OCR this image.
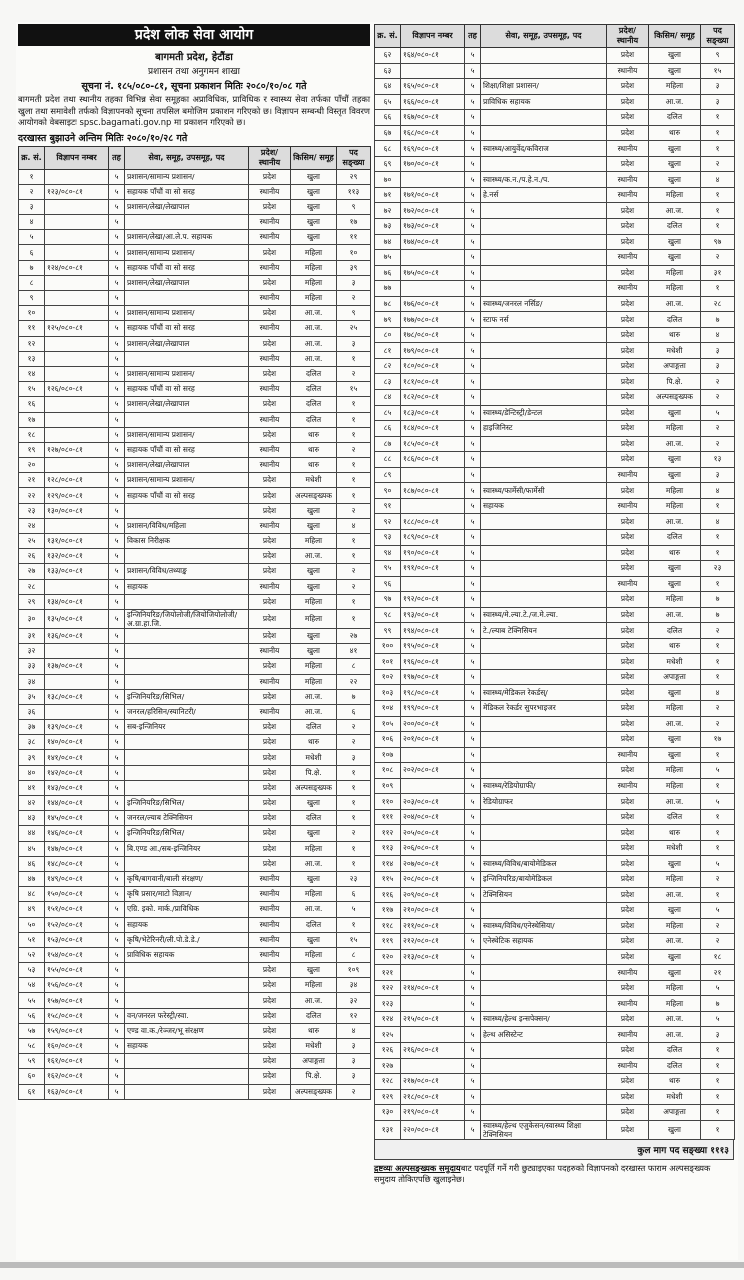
प्रदेश लोक सेवा आयोग
बागमती प्रदेश, हेटौंडा
प्रशासन तथा अनुगमन शाखा
सूचना नं. १८५/०८०-८१, सूचना प्रकाशन मितिः २०८०/१०/०८ गते
बागमती प्रदेश तथा स्थानीय तहका विभिन्न सेवा समूहका अप्राविधिक, प्राविधिक र स्वास्थ्य सेवा तर्फका पाँचौं तहका खुला तथा समावेशी तर्फको विज्ञापनको सूचना तपसिल बमोजिम प्रकाशन गरिएको छ। विज्ञापन सम्बन्धी विस्तृत विवरण आयोगको वेबसाइटः spsc.bagamati.gov.np मा प्रकाशन गरिएको छ।
दरखास्त बुझाउने अन्तिम मितिः २०८०/१०/२८ गते
क्र. सं.	विज्ञापन नम्बर	तह	सेवा, समूह, उपसमूह, पद	प्रदेश/ स्थानीय	किसिम/ समूह	पद सङ्ख्या
१		५	प्रशासन/सामान्य प्रशासन/	प्रदेश	खुला	२९
२	१२३/०८०-८१	५	सहायक पाँचौं वा सो सरह	स्थानीय	खुला	११३
३		५	प्रशासन/लेखा/लेखापाल	प्रदेश	खुला	९
४		५		स्थानीय	खुला	१७
५		५	प्रशासन/लेखा/आ.ले.प. सहायक	स्थानीय	खुला	११
६		५	प्रशासन/सामान्य प्रशासन/	प्रदेश	महिला	१०
७	१२४/०८०-८१	५	सहायक पाँचौं वा सो सरह	स्थानीय	महिला	३९
८		५	प्रशासन/लेखा/लेखापाल	प्रदेश	महिला	३
९		५		स्थानीय	महिला	२
१०		५	प्रशासन/सामान्य प्रशासन/	प्रदेश	आ.ज.	९
११	१२५/०८०-८१	५	सहायक पाँचौं वा सो सरह	स्थानीय	आ.ज.	२५
१२		५	प्रशासन/लेखा/लेखापाल	प्रदेश	आ.ज.	३
१३		५		स्थानीय	आ.ज.	१
१४		५	प्रशासन/सामान्य प्रशासन/	प्रदेश	दलित	२
१५	१२६/०८०-८१	५	सहायक पाँचौं वा सो सरह	स्थानीय	दलित	१५
१६		५	प्रशासन/लेखा/लेखापाल	प्रदेश	दलित	१
१७		५		स्थानीय	दलित	१
१८		५	प्रशासन/सामान्य प्रशासन/	प्रदेश	थारु	१
१९	१२७/०८०-८१	५	सहायक पाँचौं वा सो सरह	स्थानीय	थारु	२
२०		५	प्रशासन/लेखा/लेखापाल	स्थानीय	थारु	१
२१	१२८/०८०-८१	५	प्रशासन/सामान्य प्रशासन/	प्रदेश	मधेशी	१
२२	१२९/०८०-८१	५	सहायक पाँचौं वा सो सरह	प्रदेश	अल्पसङ्ख्यक	१
२३	१३०/०८०-८१	५		प्रदेश	खुला	२
२४		५	प्रशासन/विविध/महिला	स्थानीय	खुला	४
२५	१३१/०८०-८१	५	विकास निरीक्षक	प्रदेश	महिला	१
२६	१३२/०८०-८१	५		प्रदेश	आ.ज.	१
२७	१३३/०८०-८१	५	प्रशासन/विविध/तथ्याङ्क	प्रदेश	खुला	२
२८		५	सहायक	स्थानीय	खुला	२
२९	१३४/०८०-८१	५		प्रदेश	महिला	१
३०	१३५/०८०-८१	५	इन्जिनियरिङ/जियोलोजी/जियोजियोलोजी/अ.ग्रा.हा.जि.	प्रदेश	महिला	१
३१	१३६/०८०-८१	५		प्रदेश	खुला	२७
३२		५		स्थानीय	खुला	४१
३३	१३७/०८०-८१	५		प्रदेश	महिला	८
३४		५		स्थानीय	महिला	२२
३५	१३८/०८०-८१	५	इन्जिनियरिङ/सिभिल/	प्रदेश	आ.ज.	७
३६		५	जनरल/हरिसिन/स्यानिटरी/	स्थानीय	आ.ज.	६
३७	१३९/०८०-८१	५	सब-इन्जिनियर	प्रदेश	दलित	२
३८	१४०/०८०-८१	५		प्रदेश	थारु	२
३९	१४१/०८०-८१	५		प्रदेश	मधेशी	३
४०	१४२/०८०-८१	५		प्रदेश	पि.क्षे.	१
४१	१४३/०८०-८१	५		प्रदेश	अल्पसङ्ख्यक	१
४२	१४४/०८०-८१	५	इन्जिनियरिङ/सिभिल/	प्रदेश	खुला	१
४३	१४५/०८०-८१	५	जनरल/ल्याब टेक्निसियन	प्रदेश	दलित	१
४४	१४६/०८०-८१	५	इन्जिनियरिङ/सिभिल/	प्रदेश	खुला	२
४५	१४७/०८०-८१	५	बि.एण्ड आ./सब-इन्जिनियर	प्रदेश	महिला	१
४६	१४८/०८०-८१	५		प्रदेश	आ.ज.	१
४७	१४९/०८०-८१	५	कृषि/बागवानी/बाली संरक्षण/	स्थानीय	खुला	२३
४८	१५०/०८०-८१	५	कृषि प्रसार/माटो विज्ञान/	स्थानीय	महिला	६
४९	१५१/०८०-८१	५	एग्रि. इको. मार्क./प्राविधिक	स्थानीय	आ.ज.	५
५०	१५२/०८०-८१	५	सहायक	स्थानीय	दलित	१
५१	१५३/०८०-८१	५	कृषि/भेटेरिनरी/ली.पो.डे.डे./	स्थानीय	खुला	१५
५२	१५४/०८०-८१	५	प्राविधिक सहायक	स्थानीय	महिला	८
५३	१५५/०८०-८१	५		प्रदेश	खुला	१०९
५४	१५६/०८०-८१	५		प्रदेश	महिला	३४
५५	१५७/०८०-८१	५		प्रदेश	आ.ज.	३२
५६	१५८/०८०-८१	५	वन/जनरल फरेस्ट्री/स्वा.	प्रदेश	दलित	१२
५७	१५९/०८०-८१	५	एण्ड वा.क./रेञ्जर/भू संरक्षण	प्रदेश	थारु	४
५८	१६०/०८०-८१	५	सहायक	प्रदेश	मधेशी	३
५९	१६१/०८०-८१	५		प्रदेश	अपाङ्गता	३
६०	१६२/०८०-८१	५		प्रदेश	पि.क्षे.	३
६१	१६३/०८०-८१	५		प्रदेश	अल्पसङ्ख्यक	२
क्र. सं.	विज्ञापन नम्बर	तह	सेवा, समूह, उपसमूह, पद	प्रदेश/ स्थानीय	किसिम/ समूह	पद सङ्ख्या
६२	१६४/०८०-८१	५		प्रदेश	खुला	९
६३		५		स्थानीय	खुला	१५
६४	१६५/०८०-८१	५	शिक्षा/शिक्षा प्रशासन/	प्रदेश	महिला	३
६५	१६६/०८०-८१	५	प्राविधिक सहायक	प्रदेश	आ.ज.	३
६६	१६७/०८०-८१	५		प्रदेश	दलित	१
६७	१६८/०८०-८१	५		प्रदेश	थारु	१
६८	१६९/०८०-८१	५	स्वास्थ्य/आयुर्वेद/कविराज	स्थानीय	खुला	१
६९	१७०/०८०-८१	५		प्रदेश	खुला	२
७०		५	स्वास्थ्य/क.न./प.हे.न./प.	स्थानीय	खुला	४
७१	१७१/०८०-८१	५	हे.नर्स	स्थानीय	महिला	१
७२	१७२/०८०-८१	५		प्रदेश	आ.ज.	१
७३	१७३/०८०-८१	५		प्रदेश	दलित	१
७४	१७४/०८०-८१	५		प्रदेश	खुला	९७
७५		५		स्थानीय	खुला	२
७६	१७५/०८०-८१	५		प्रदेश	महिला	३१
७७		५		स्थानीय	महिला	१
७८	१७६/०८०-८१	५	स्वास्थ्य/जनरल नर्सिङ/	प्रदेश	आ.ज.	२८
७९	१७७/०८०-८१	५	स्टाफ नर्स	प्रदेश	दलित	७
८०	१७८/०८०-८१	५		प्रदेश	थारु	४
८१	१७९/०८०-८१	५		प्रदेश	मधेशी	३
८२	१८०/०८०-८१	५		प्रदेश	अपाङ्गता	३
८३	१८१/०८०-८१	५		प्रदेश	पि.क्षे.	२
८४	१८२/०८०-८१	५		प्रदेश	अल्पसङ्ख्यक	२
८५	१८३/०८०-८१	५	स्वास्थ्य/डेन्टिस्ट्री/डेन्टल	प्रदेश	खुला	५
८६	१८४/०८०-८१	५	हाइजिनिस्ट	प्रदेश	महिला	२
८७	१८५/०८०-८१	५		प्रदेश	आ.ज.	२
८८	१८६/०८०-८१	५		प्रदेश	खुला	१३
८९		५		स्थानीय	खुला	३
९०	१८७/०८०-८१	५	स्वास्थ्य/फार्मेसी/फार्मेसी	प्रदेश	महिला	४
९१		५	सहायक	स्थानीय	महिला	१
९२	१८८/०८०-८१	५		प्रदेश	आ.ज.	४
९३	१८९/०८०-८१	५		प्रदेश	दलित	१
९४	१९०/०८०-८१	५		प्रदेश	थारु	१
९५	१९१/०८०-८१	५		प्रदेश	खुला	२३
९६		५		स्थानीय	खुला	१
९७	१९२/०८०-८१	५		प्रदेश	महिला	७
९८	१९३/०८०-८१	५	स्वास्थ्य/मे.ल्या.टे./ज.मे.ल्या.	प्रदेश	आ.ज.	७
९९	१९४/०८०-८१	५	टे./ल्याब टेक्निसियन	प्रदेश	दलित	२
१००	१९५/०८०-८१	५		प्रदेश	थारु	१
१०१	१९६/०८०-८१	५		प्रदेश	मधेशी	१
१०२	१९७/०८०-८१	५		प्रदेश	अपाङ्गता	१
१०३	१९८/०८०-८१	५	स्वास्थ्य/मेडिकल रेकर्डस्/	प्रदेश	खुला	४
१०४	१९९/०८०-८१	५	मेडिकल रेकर्डर सुपरभाइजर	प्रदेश	महिला	२
१०५	२००/०८०-८१	५		प्रदेश	आ.ज.	२
१०६	२०१/०८०-८१	५		प्रदेश	खुला	१७
१०७		५		स्थानीय	खुला	१
१०८	२०२/०८०-८१	५		प्रदेश	महिला	५
१०९		५	स्वास्थ्य/रेडियोग्राफी/	स्थानीय	महिला	१
११०	२०३/०८०-८१	५	रेडियोग्राफर	प्रदेश	आ.ज.	५
१११	२०४/०८०-८१	५		प्रदेश	दलित	१
११२	२०५/०८०-८१	५		प्रदेश	थारु	१
११३	२०६/०८०-८१	५		प्रदेश	मधेशी	१
११४	२०७/०८०-८१	५	स्वास्थ्य/विविध/बायोमेडिकल	प्रदेश	खुला	५
११५	२०८/०८०-८१	५	इन्जिनियरिङ/बायोमेडिकल	प्रदेश	महिला	२
११६	२०९/०८०-८१	५	टेक्निसियन	प्रदेश	आ.ज.	१
११७	२१०/०८०-८१	५		प्रदेश	खुला	५
११८	२११/०८०-८१	५	स्वास्थ्य/विविध/एनेस्थेसिया/	प्रदेश	महिला	२
११९	२१२/०८०-८१	५	एनेस्थेटिक सहायक	प्रदेश	आ.ज.	२
१२०	२१३/०८०-८१	५		प्रदेश	खुला	१८
१२१		५		स्थानीय	खुला	२१
१२२	२१४/०८०-८१	५		प्रदेश	महिला	५
१२३		५		स्थानीय	महिला	७
१२४	२१५/०८०-८१	५	स्वास्थ्य/हेल्थ इन्सपेक्सन/	प्रदेश	आ.ज.	५
१२५		५	हेल्थ असिस्टेन्ट	स्थानीय	आ.ज.	३
१२६	२१६/०८०-८१	५		प्रदेश	दलित	१
१२७		५		स्थानीय	दलित	१
१२८	२१७/०८०-८१	५		प्रदेश	थारु	१
१२९	२१८/०८०-८१	५		प्रदेश	मधेशी	१
१३०	२१९/०८०-८१	५		प्रदेश	अपाङ्गता	१
१३१	२२०/०८०-८१	५	स्वास्थ्य/हेल्थ एजुकेसन/स्वास्थ्य शिक्षा टेक्निसियन	प्रदेश	खुला	१
कुल माग पद सङ्ख्या १११३
द्रष्टव्यः अल्पसङ्ख्यक समुदायबाट पदपूर्ति गर्ने गरी छुट्याइएका पदहरुको विज्ञापनको दरखास्त फाराम अल्पसङ्ख्यक समुदाय तोकिएपछि खुलाइनेछ।
